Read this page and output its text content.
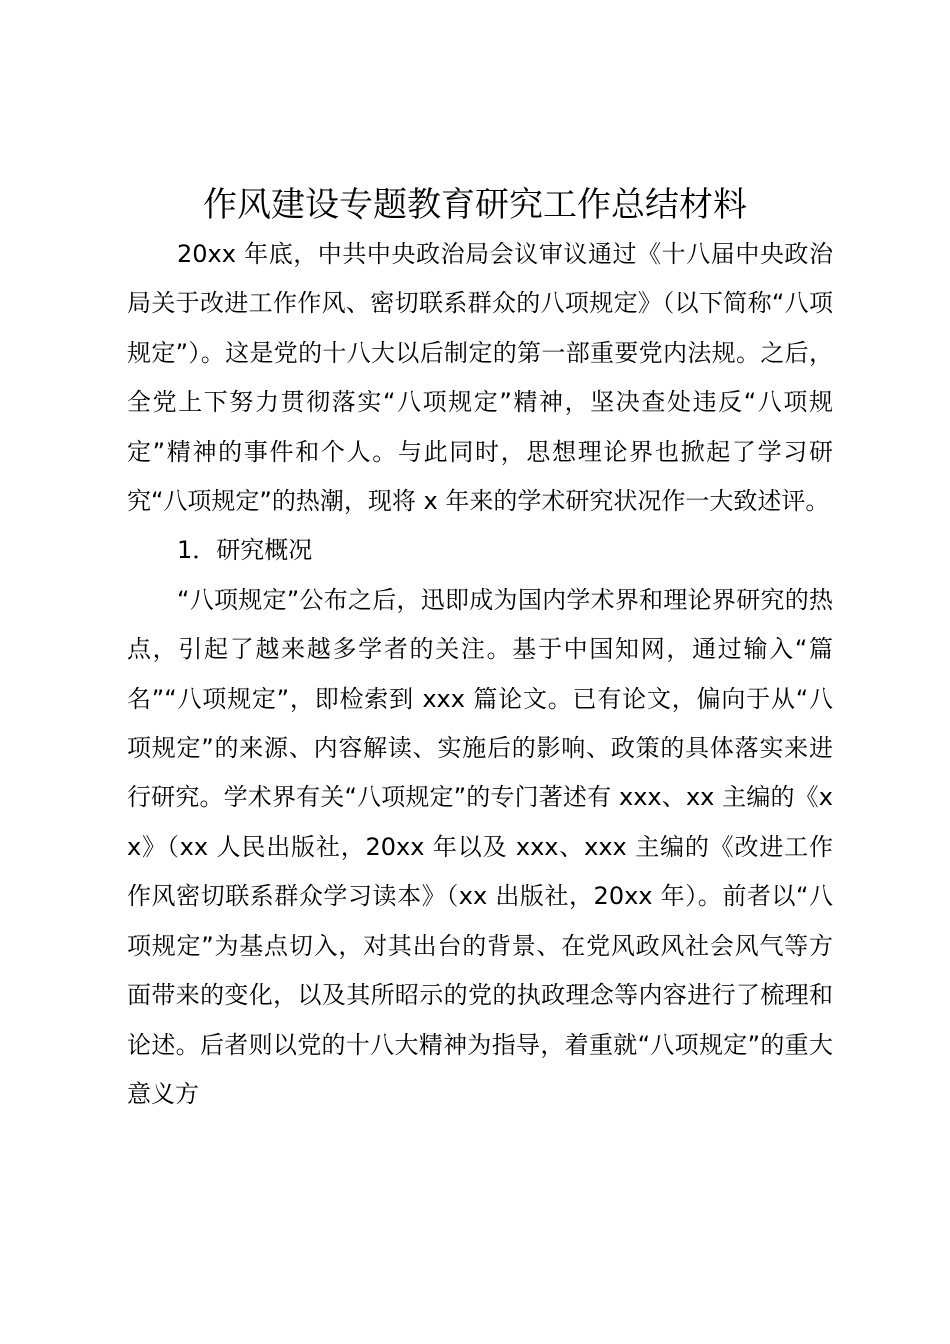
作风建设专题教育研究工作总结材料

20xx 年底，中共中央政治局会议审议通过《十八届中央政治局关于改进工作作风、密切联系群众的八项规定》（以下简称“八项规定”）。这是党的十八大以后制定的第一部重要党内法规。之后，全党上下努力贯彻落实“八项规定”精神，坚决查处违反“八项规定”精神的事件和个人。与此同时，思想理论界也掀起了学习研究“八项规定”的热潮，现将 x 年来的学术研究状况作一大致述评。

1．研究概况

“八项规定”公布之后，迅即成为国内学术界和理论界研究的热点，引起了越来越多学者的关注。基于中国知网，通过输入“篇名”“八项规定”，即检索到 xxx 篇论文。已有论文，偏向于从“八项规定”的来源、内容解读、实施后的影响、政策的具体落实来进行研究。学术界有关“八项规定”的专门著述有 xxx、xx 主编的《xx》（xx 人民出版社，20xx 年以及 xxx、xxx 主编的《改进工作作风密切联系群众学习读本》（xx 出版社，20xx 年）。前者以“八项规定”为基点切入，对其出台的背景、在党风政风社会风气等方面带来的变化，以及其所昭示的党的执政理念等内容进行了梳理和论述。后者则以党的十八大精神为指导，着重就“八项规定”的重大意义方
